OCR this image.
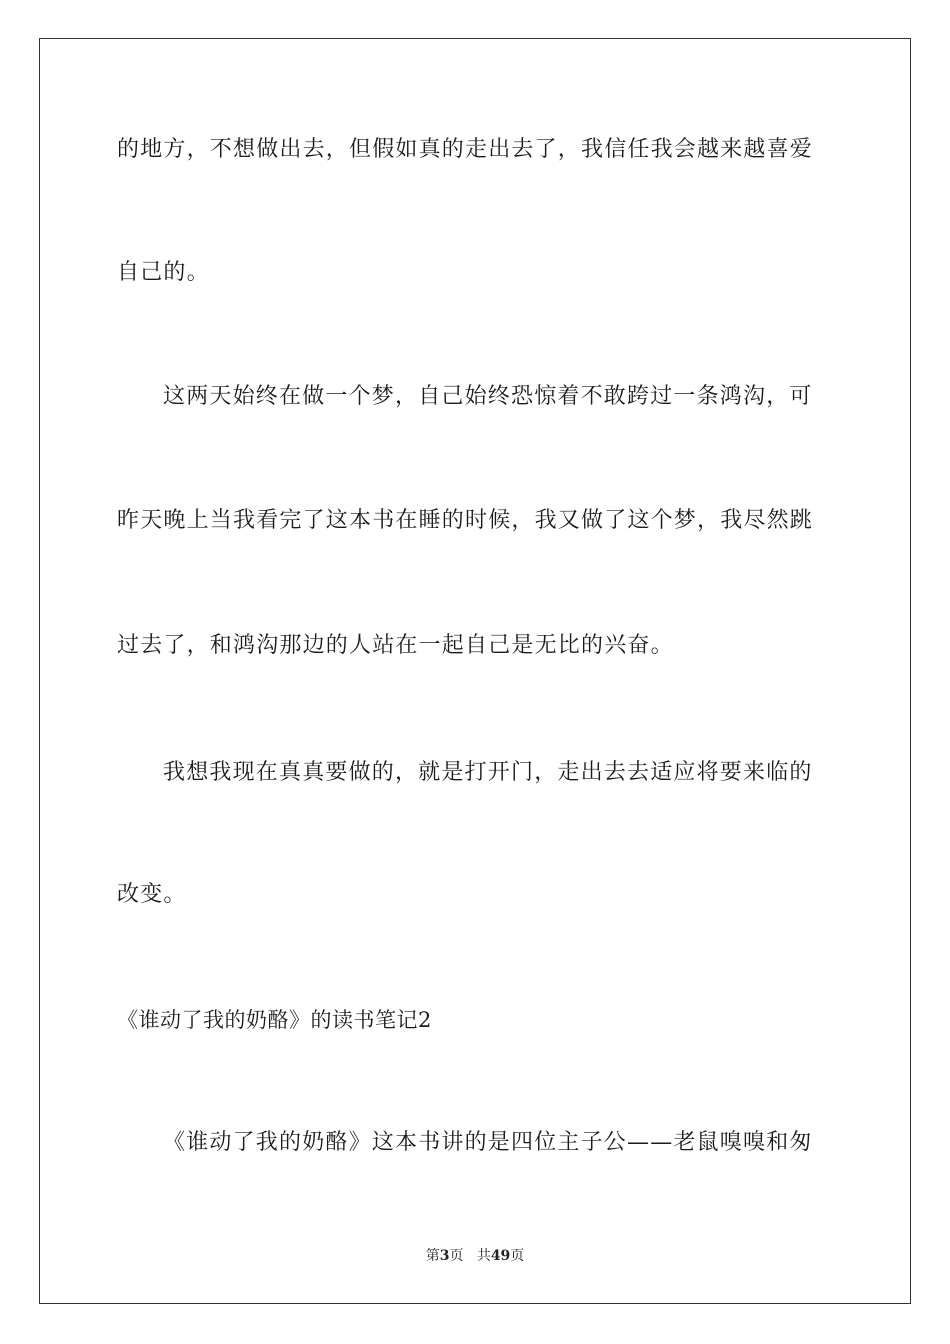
的地方，不想做出去，但假如真的走出去了，我信任我会越来越喜爱
自己的。
这两天始终在做一个梦，自己始终恐惊着不敢跨过一条鸿沟，可
昨天晚上当我看完了这本书在睡的时候，我又做了这个梦，我尽然跳
过去了，和鸿沟那边的人站在一起自己是无比的兴奋。
我想我现在真真要做的，就是打开门，走出去去适应将要来临的
改变。
《谁动了我的奶酪》的读书笔记2
《谁动了我的奶酪》这本书讲的是四位主子公——老鼠嗅嗅和匆
第3页 共49页
